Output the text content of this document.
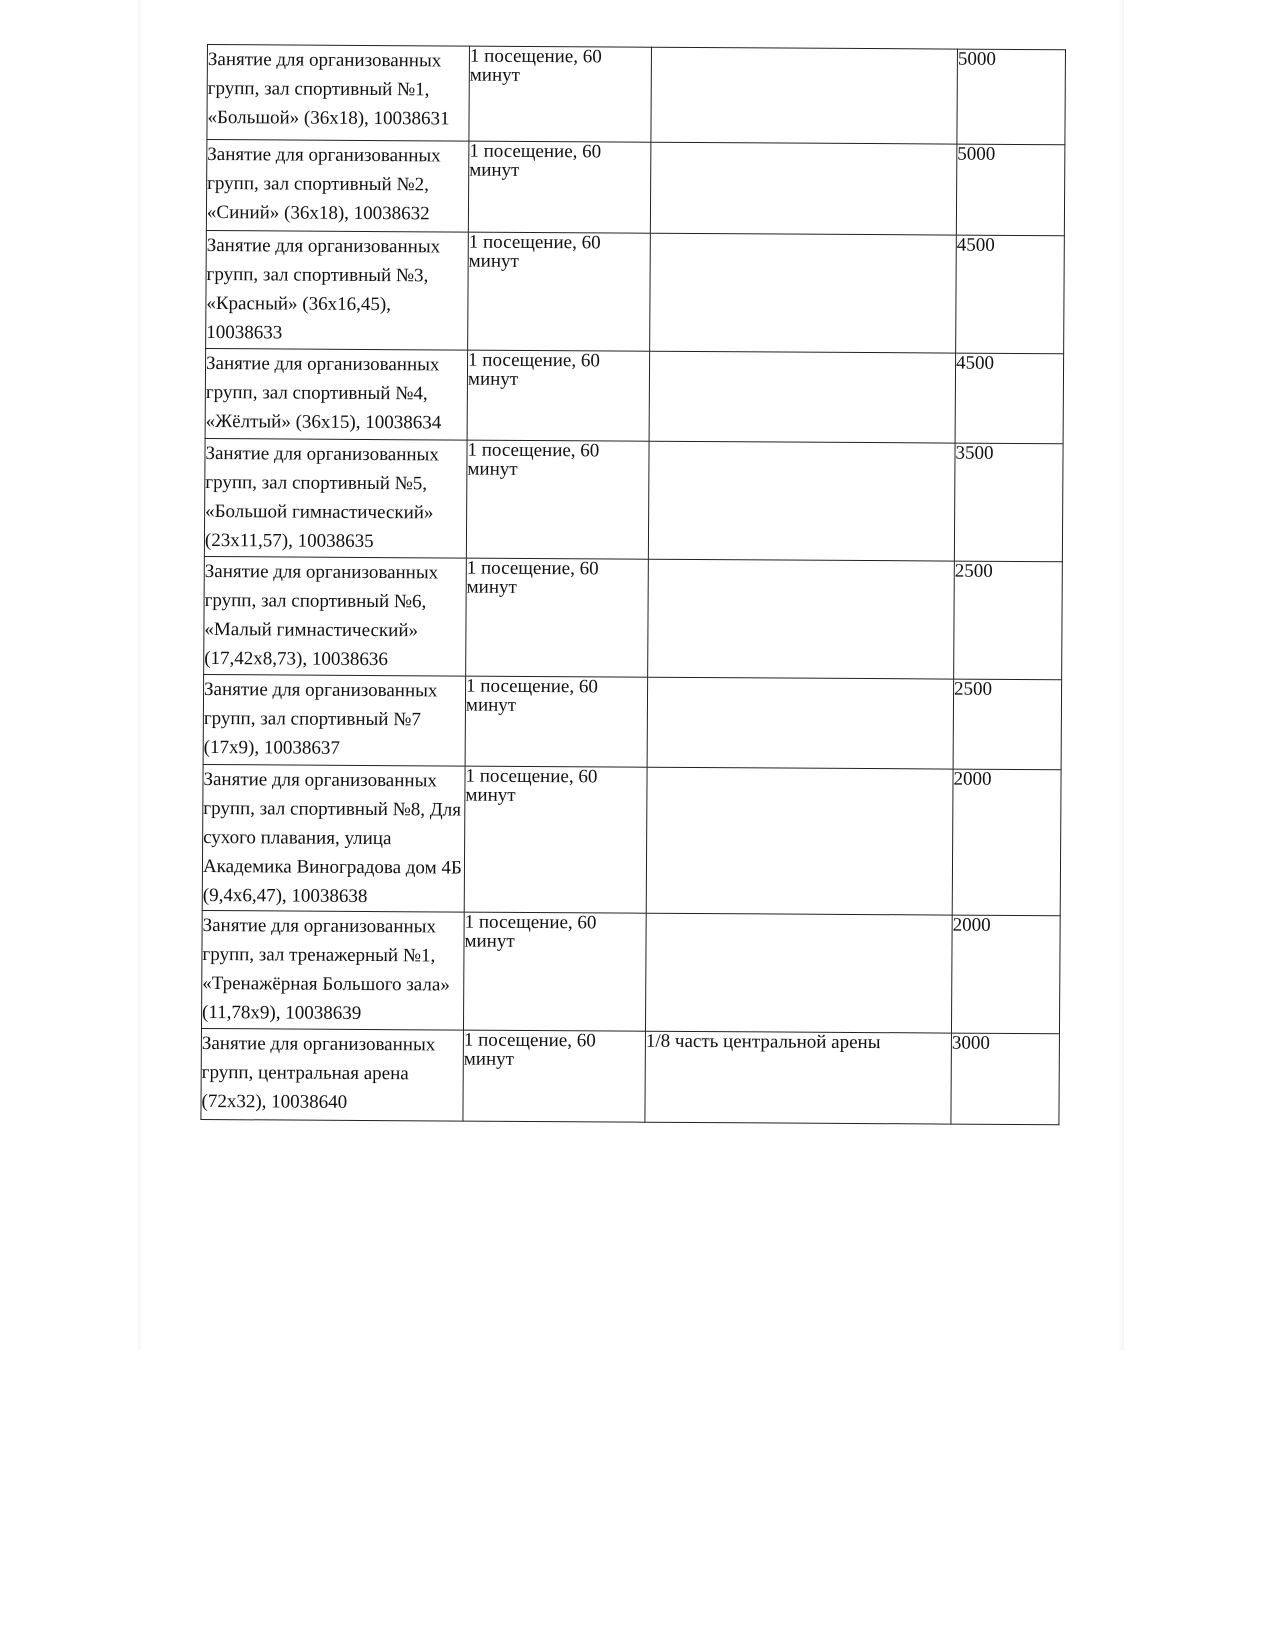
Занятие для организованных групп, зал спортивный №1, «Большой» (36х18), 10038631	1 посещение, 60 минут		5000
Занятие для организованных групп, зал спортивный №2, «Синий» (36х18), 10038632	1 посещение, 60 минут		5000
Занятие для организованных групп, зал спортивный №3, «Красный» (36х16,45), 10038633	1 посещение, 60 минут		4500
Занятие для организованных групп, зал спортивный №4, «Жёлтый» (36х15), 10038634	1 посещение, 60 минут		4500
Занятие для организованных групп, зал спортивный №5, «Большой гимнастический» (23х11,57), 10038635	1 посещение, 60 минут		3500
Занятие для организованных групп, зал спортивный №6, «Малый гимнастический» (17,42х8,73), 10038636	1 посещение, 60 минут		2500
Занятие для организованных групп, зал спортивный №7 (17х9), 10038637	1 посещение, 60 минут		2500
Занятие для организованных групп, зал спортивный №8, Для сухого плавания, улица Академика Виноградова дом 4Б (9,4х6,47), 10038638	1 посещение, 60 минут		2000
Занятие для организованных групп, зал тренажерный №1, «Тренажёрная Большого зала» (11,78х9), 10038639	1 посещение, 60 минут		2000
Занятие для организованных групп, центральная арена (72х32), 10038640	1 посещение, 60 минут	1/8 часть центральной арены	3000
